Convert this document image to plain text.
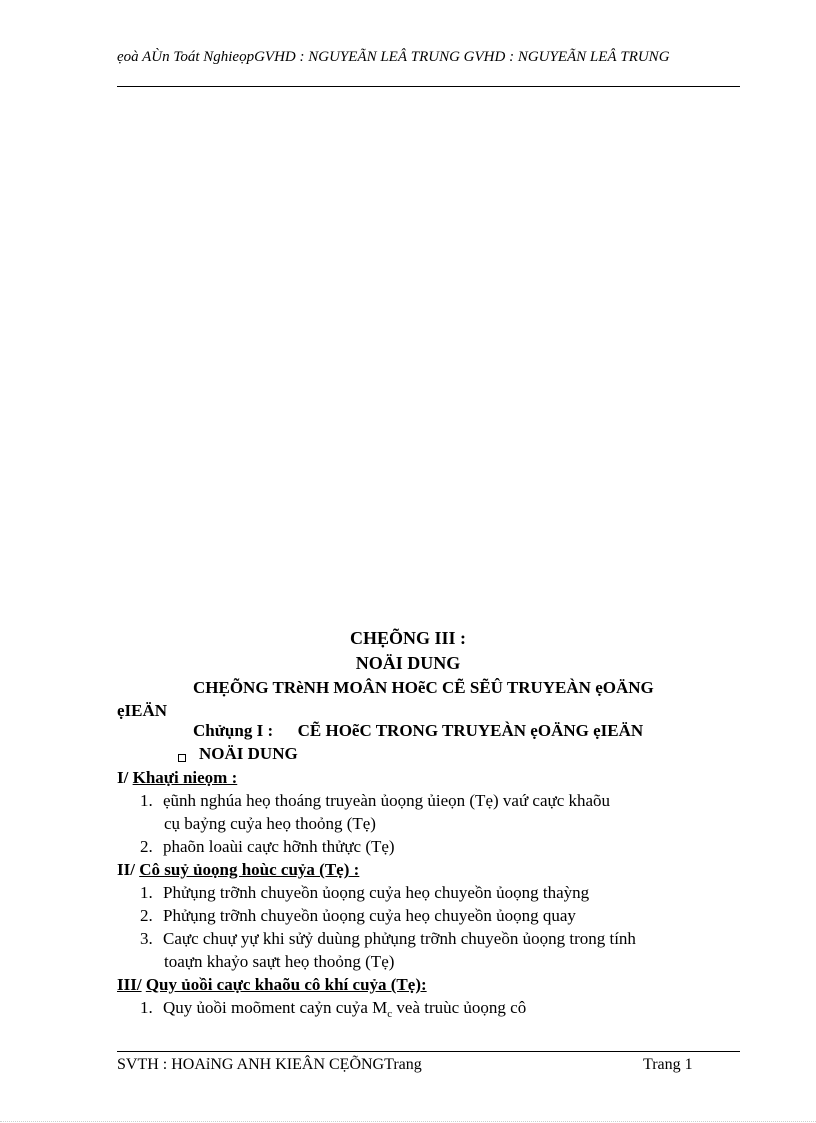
ẹoà AÙn Toát NghieọpGVHD : NGUYEÃN LEÂ TRUNG GVHD : NGUYEÃN LEÂ TRUNG
CHẸÕNG III :
NOÄI DUNG
CHẸÕNG TRèNH MOÂN HOẽC CẼ SẼÛ TRUYEÀN ẹOÄNG
ẹIEÄN
Chửụng I : CẼ HOẽC TRONG TRUYEÀN ẹOÄNG ẹIEÄN
NOÄI DUNG
I/ Khaựi nieọm :
1. ẹũnh nghúa heọ thoáng truyeàn ủoọng ủieọn (Tẹ) vaứ caực khaõu
cụ baỷng cuỷa heọ thoỏng (Tẹ)
2. phaõn loaùi caực hỡnh thửực (Tẹ)
II/ Cô suỷ ủoọng hoùc cuỷa (Tẹ) :
1. Phửụng trỡnh chuyeồn ủoọng cuỷa heọ chuyeồn ủoọng thaỳng
2. Phửụng trỡnh chuyeồn ủoọng cuỷa heọ chuyeồn ủoọng quay
3. Caực chuự yự khi sửỷ duùng phửụng trỡnh chuyeồn ủoọng trong tính
toaựn khaỷo saựt heọ thoỏng (Tẹ)
III/ Quy ủoồi caực khaõu cô khí cuỷa (Tẹ):
1. Quy ủoồi moõment caỷn cuỷa $M_c$ veà truùc ủoọng cô
SVTH : HOAỉNG ANH KIEÂN CẸÕNGTrang	Trang 1
